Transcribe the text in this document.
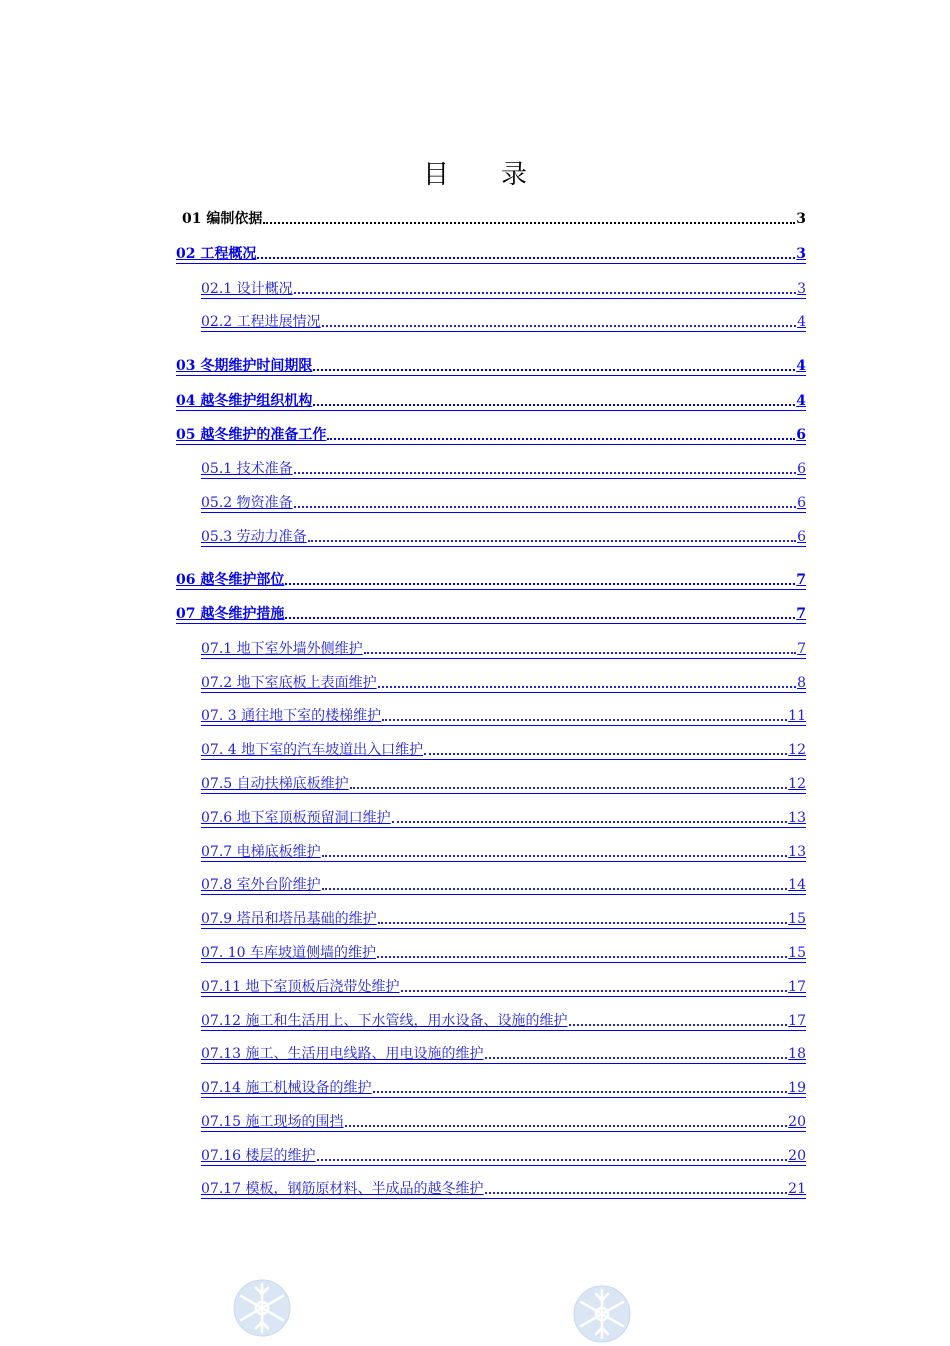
目　　录
01 编制依据	3
02 工程概况	3
02.1 设计概况	3
02.2 工程进展情况	4
03 冬期维护时间期限	4
04 越冬维护组织机构	4
05 越冬维护的准备工作	6
05.1 技术准备	6
05.2 物资准备	6
05.3 劳动力准备	6
06 越冬维护部位	7
07 越冬维护措施	7
07.1 地下室外墙外侧维护	7
07.2 地下室底板上表面维护	8
07. 3 通往地下室的楼梯维护	11
07. 4 地下室的汽车坡道出入口维护	12
07.5 自动扶梯底板维护	12
07.6 地下室顶板预留洞口维护	13
07.7 电梯底板维护	13
07.8 室外台阶维护	14
07.9 塔吊和塔吊基础的维护	15
07. 10 车库坡道侧墙的维护	15
07.11 地下室顶板后浇带处维护	17
07.12 施工和生活用上、下水管线，用水设备、设施的维护	17
07.13 施工、生活用电线路、用电设施的维护	18
07.14 施工机械设备的维护	19
07.15 施工现场的围挡	20
07.16 楼层的维护	20
07.17 模板，钢筋原材料、半成品的越冬维护	21
